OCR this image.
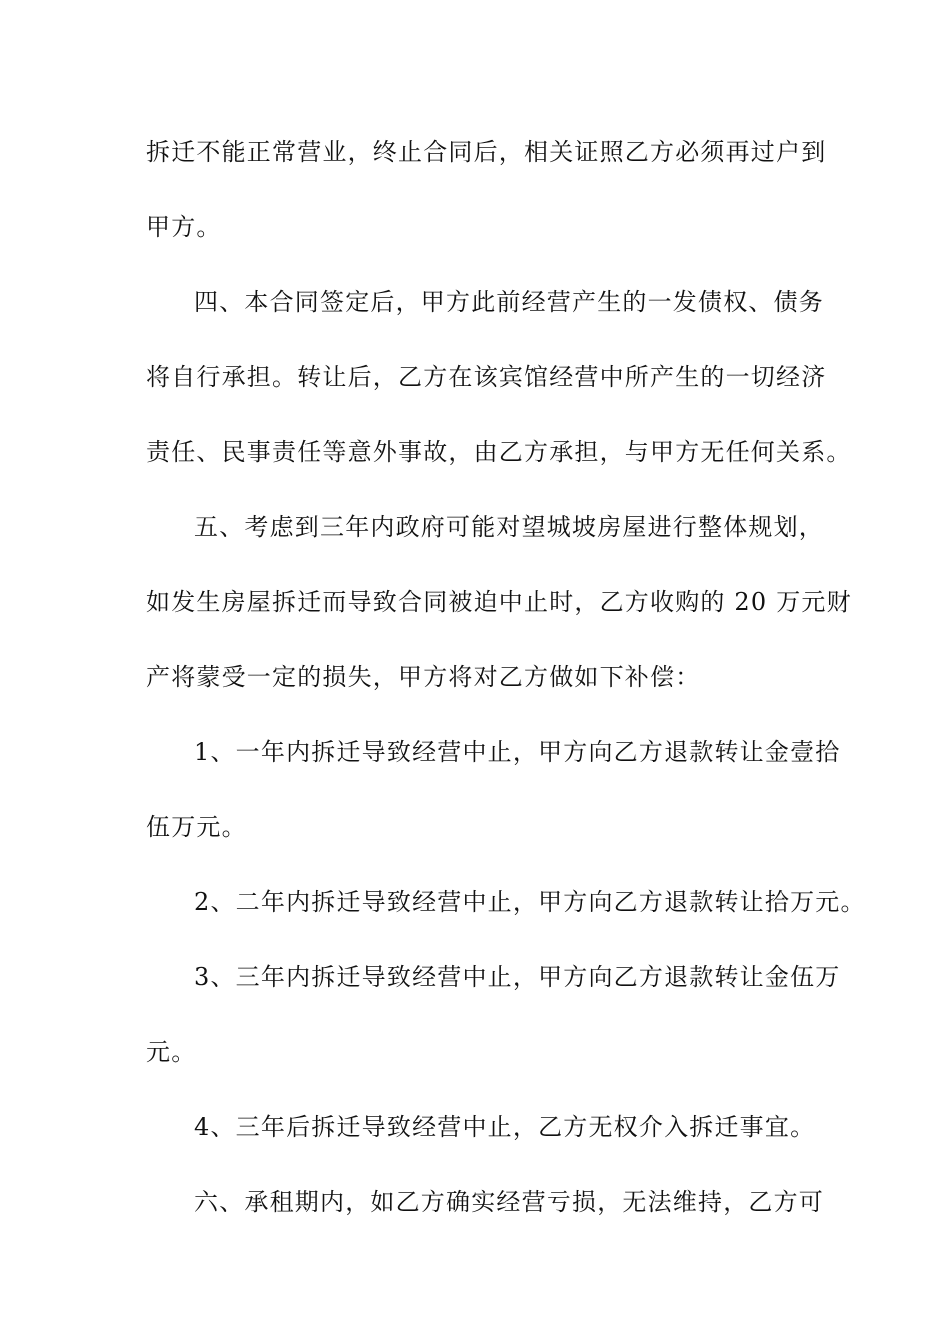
拆迁不能正常营业，终止合同后，相关证照乙方必须再过户到
甲方。
四、本合同签定后，甲方此前经营产生的一发债权、债务
将自行承担。转让后，乙方在该宾馆经营中所产生的一切经济
责任、民事责任等意外事故，由乙方承担，与甲方无任何关系。
五、考虑到三年内政府可能对望城坡房屋进行整体规划，
如发生房屋拆迁而导致合同被迫中止时，乙方收购的 20 万元财
产将蒙受一定的损失，甲方将对乙方做如下补偿：
1、一年内拆迁导致经营中止，甲方向乙方退款转让金壹拾
伍万元。
2、二年内拆迁导致经营中止，甲方向乙方退款转让拾万元。
3、三年内拆迁导致经营中止，甲方向乙方退款转让金伍万
元。
4、三年后拆迁导致经营中止，乙方无权介入拆迁事宜。
六、承租期内，如乙方确实经营亏损，无法维持，乙方可
